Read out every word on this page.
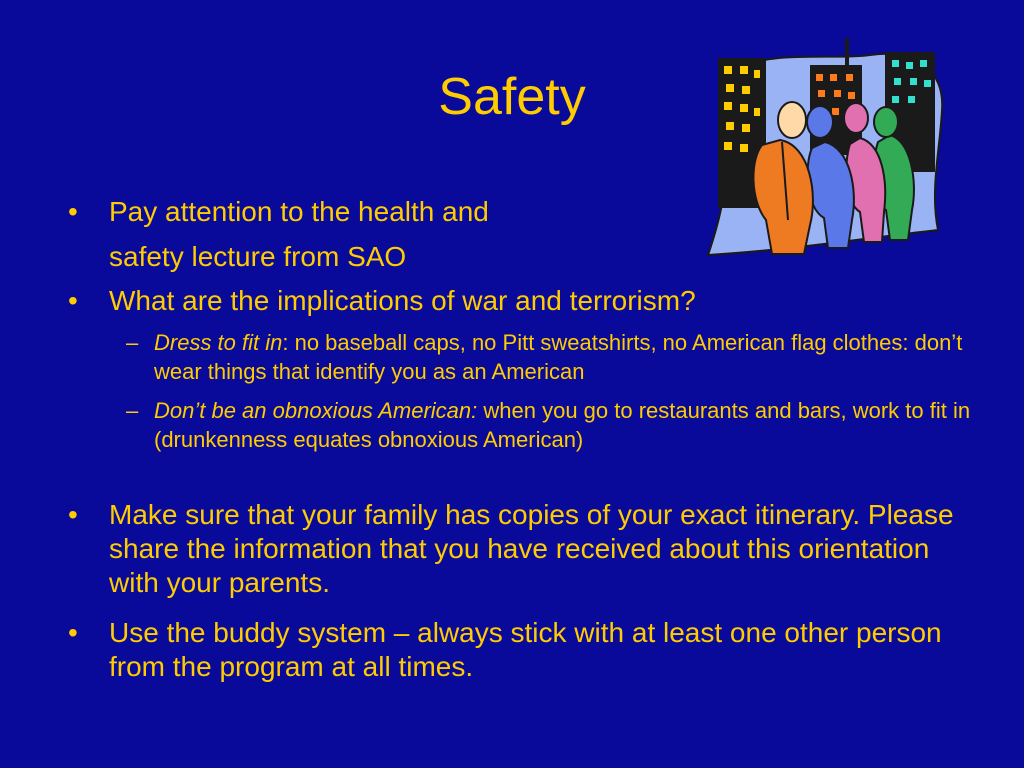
Safety
• Pay attention to the health and
safety lecture from SAO
• What are the implications of war and terrorism?
– Dress to fit in: no baseball caps, no Pitt sweatshirts, no American flag clothes: don’t wear things that identify you as an American
– Don’t be an obnoxious American: when you go to restaurants and bars, work to fit in (drunkenness equates obnoxious American)
• Make sure that your family has copies of your exact itinerary. Please share the information that you have received about this orientation with your parents.
• Use the buddy system – always stick with at least one other person from the program at all times.
